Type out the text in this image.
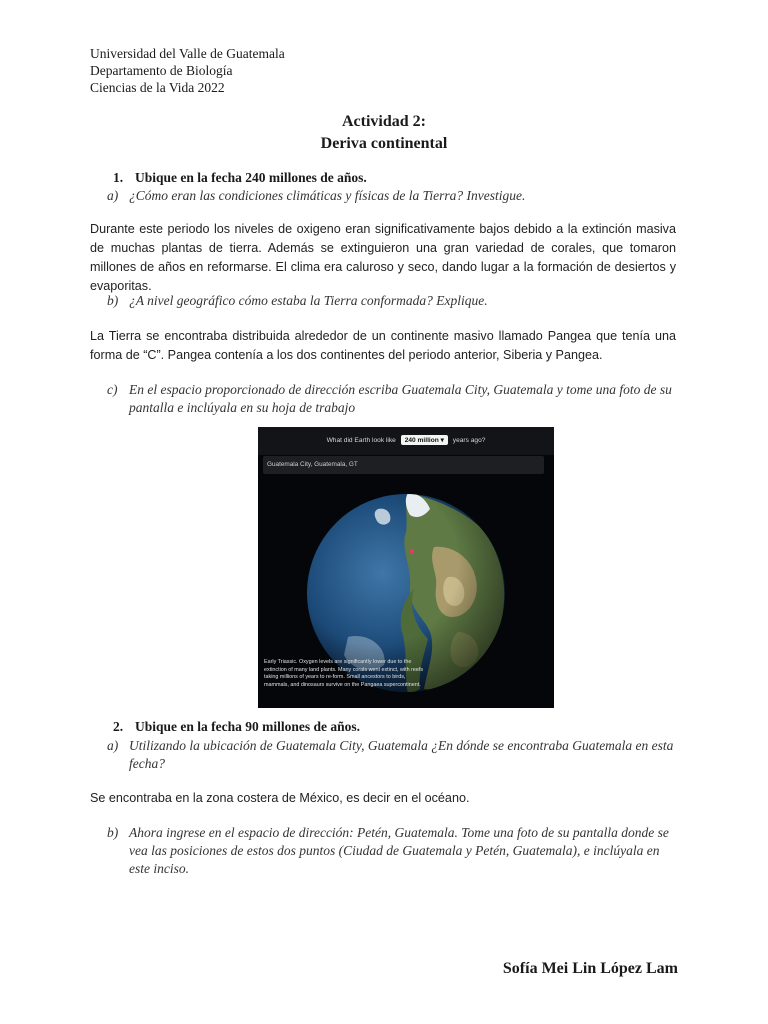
Universidad del Valle de Guatemala
Departamento de Biología
Ciencias de la Vida 2022
Actividad 2:
Deriva continental
1. Ubique en la fecha 240 millones de años.
a) ¿Cómo eran las condiciones climáticas y físicas de la Tierra? Investigue.
Durante este periodo los niveles de oxigeno eran significativamente bajos debido a la extinción masiva de muchas plantas de tierra. Además se extinguieron una gran variedad de corales, que tomaron millones de años en reformarse. El clima era caluroso y seco, dando lugar a la formación de desiertos y evaporitas.
b) ¿A nivel geográfico cómo estaba la Tierra conformada? Explique.
La Tierra se encontraba distribuida alrededor de un continente masivo llamado Pangea que tenía una forma de “C”. Pangea contenía a los dos continentes del periodo anterior, Siberia y Pangea.
c) En el espacio proporcionado de dirección escriba Guatemala City, Guatemala y tome una foto de su pantalla e inclúyala en su hoja de trabajo
What did Earth look like 240 million ▾ years ago?
Guatemala City, Guatemala, GT
Early Triassic. Oxygen levels are significantly lower due to the extinction of many land plants. Many corals went extinct, with reefs taking millions of years to re-form. Small ancestors to birds, mammals, and dinosaurs survive on the Pangaea supercontinent.
2. Ubique en la fecha 90 millones de años.
a) Utilizando la ubicación de Guatemala City, Guatemala ¿En dónde se encontraba Guatemala en esta fecha?
Se encontraba en la zona costera de México, es decir en el océano.
b) Ahora ingrese en el espacio de dirección: Petén, Guatemala. Tome una foto de su pantalla donde se vea las posiciones de estos dos puntos (Ciudad de Guatemala y Petén, Guatemala), e inclúyala en este inciso.
Sofía Mei Lin López Lam
